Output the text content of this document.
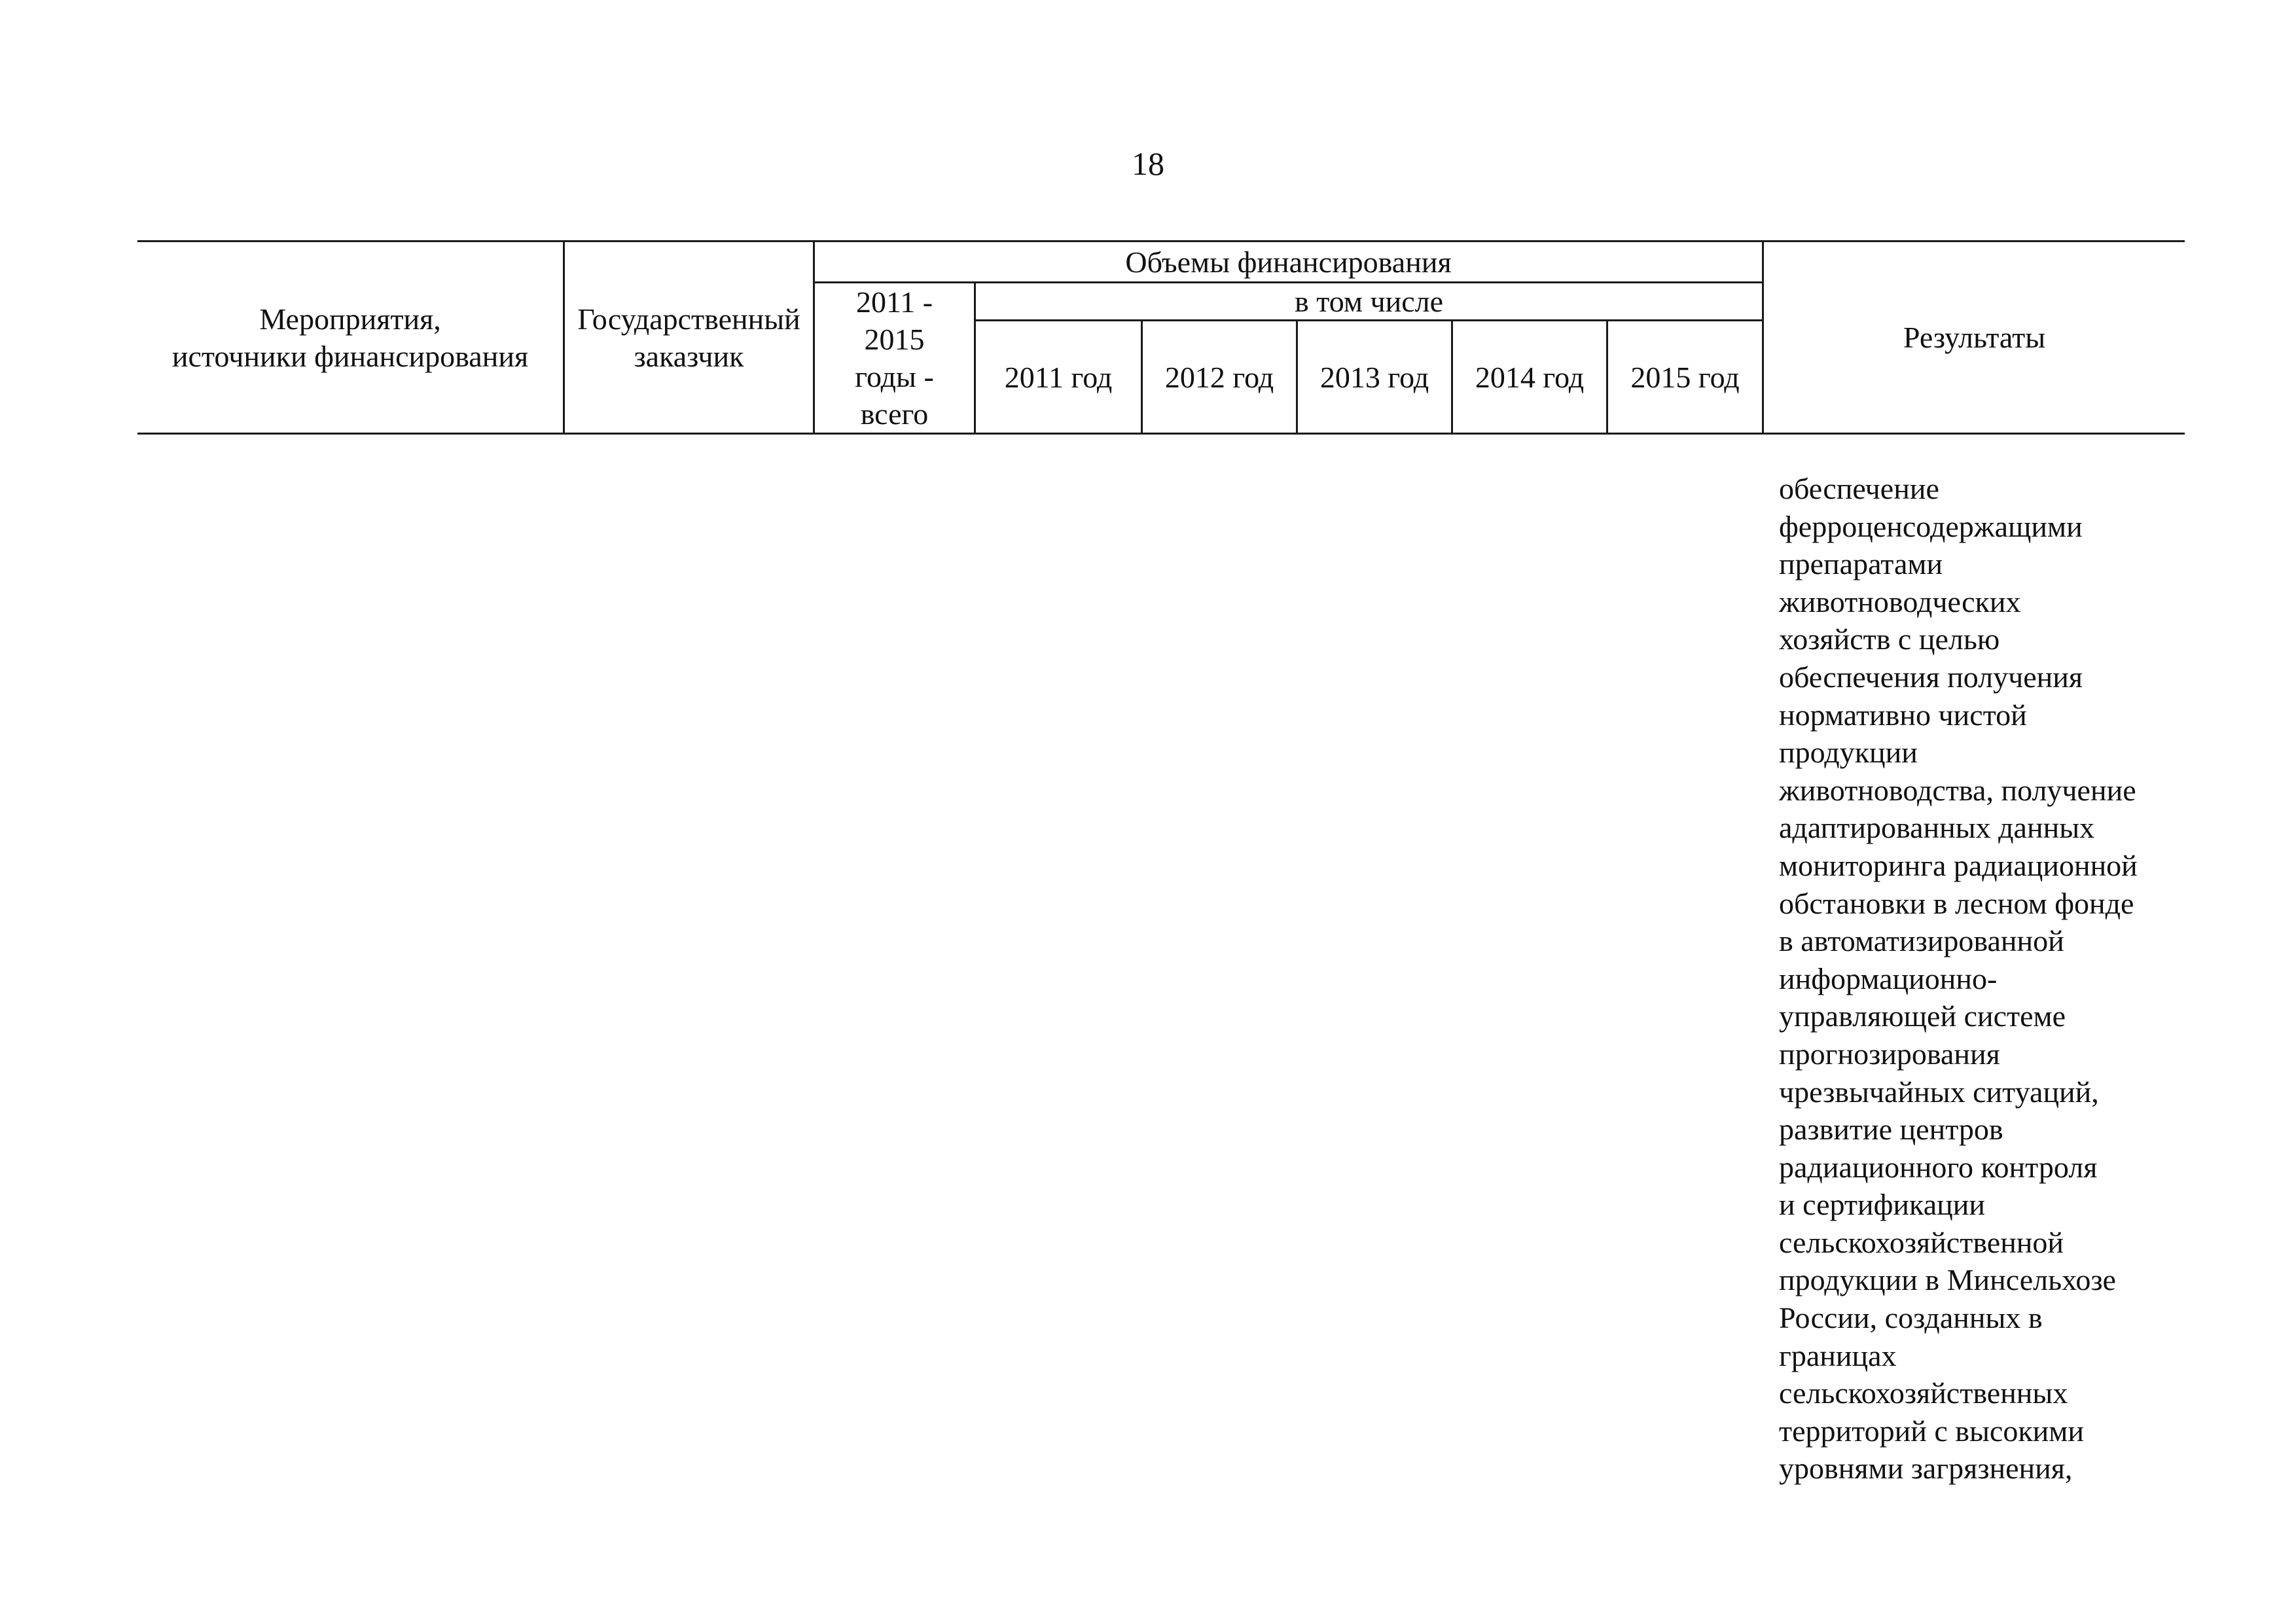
18
Мероприятия,
источники финансирования
Государственный
заказчик
Объемы финансирования
2011 -
2015
годы -
всего
в том числе
2011 год 2012 год 2013 год 2014 год 2015 год
Результаты
обеспечение
ферроценсодержащими
препаратами
животноводческих
хозяйств с целью
обеспечения получения
нормативно чистой
продукции
животноводства, получение
адаптированных данных
мониторинга радиационной
обстановки в лесном фонде
в автоматизированной
информационно-
управляющей системе
прогнозирования
чрезвычайных ситуаций,
развитие центров
радиационного контроля
и сертификации
сельскохозяйственной
продукции в Минсельхозе
России, созданных в
границах
сельскохозяйственных
территорий с высокими
уровнями загрязнения,
